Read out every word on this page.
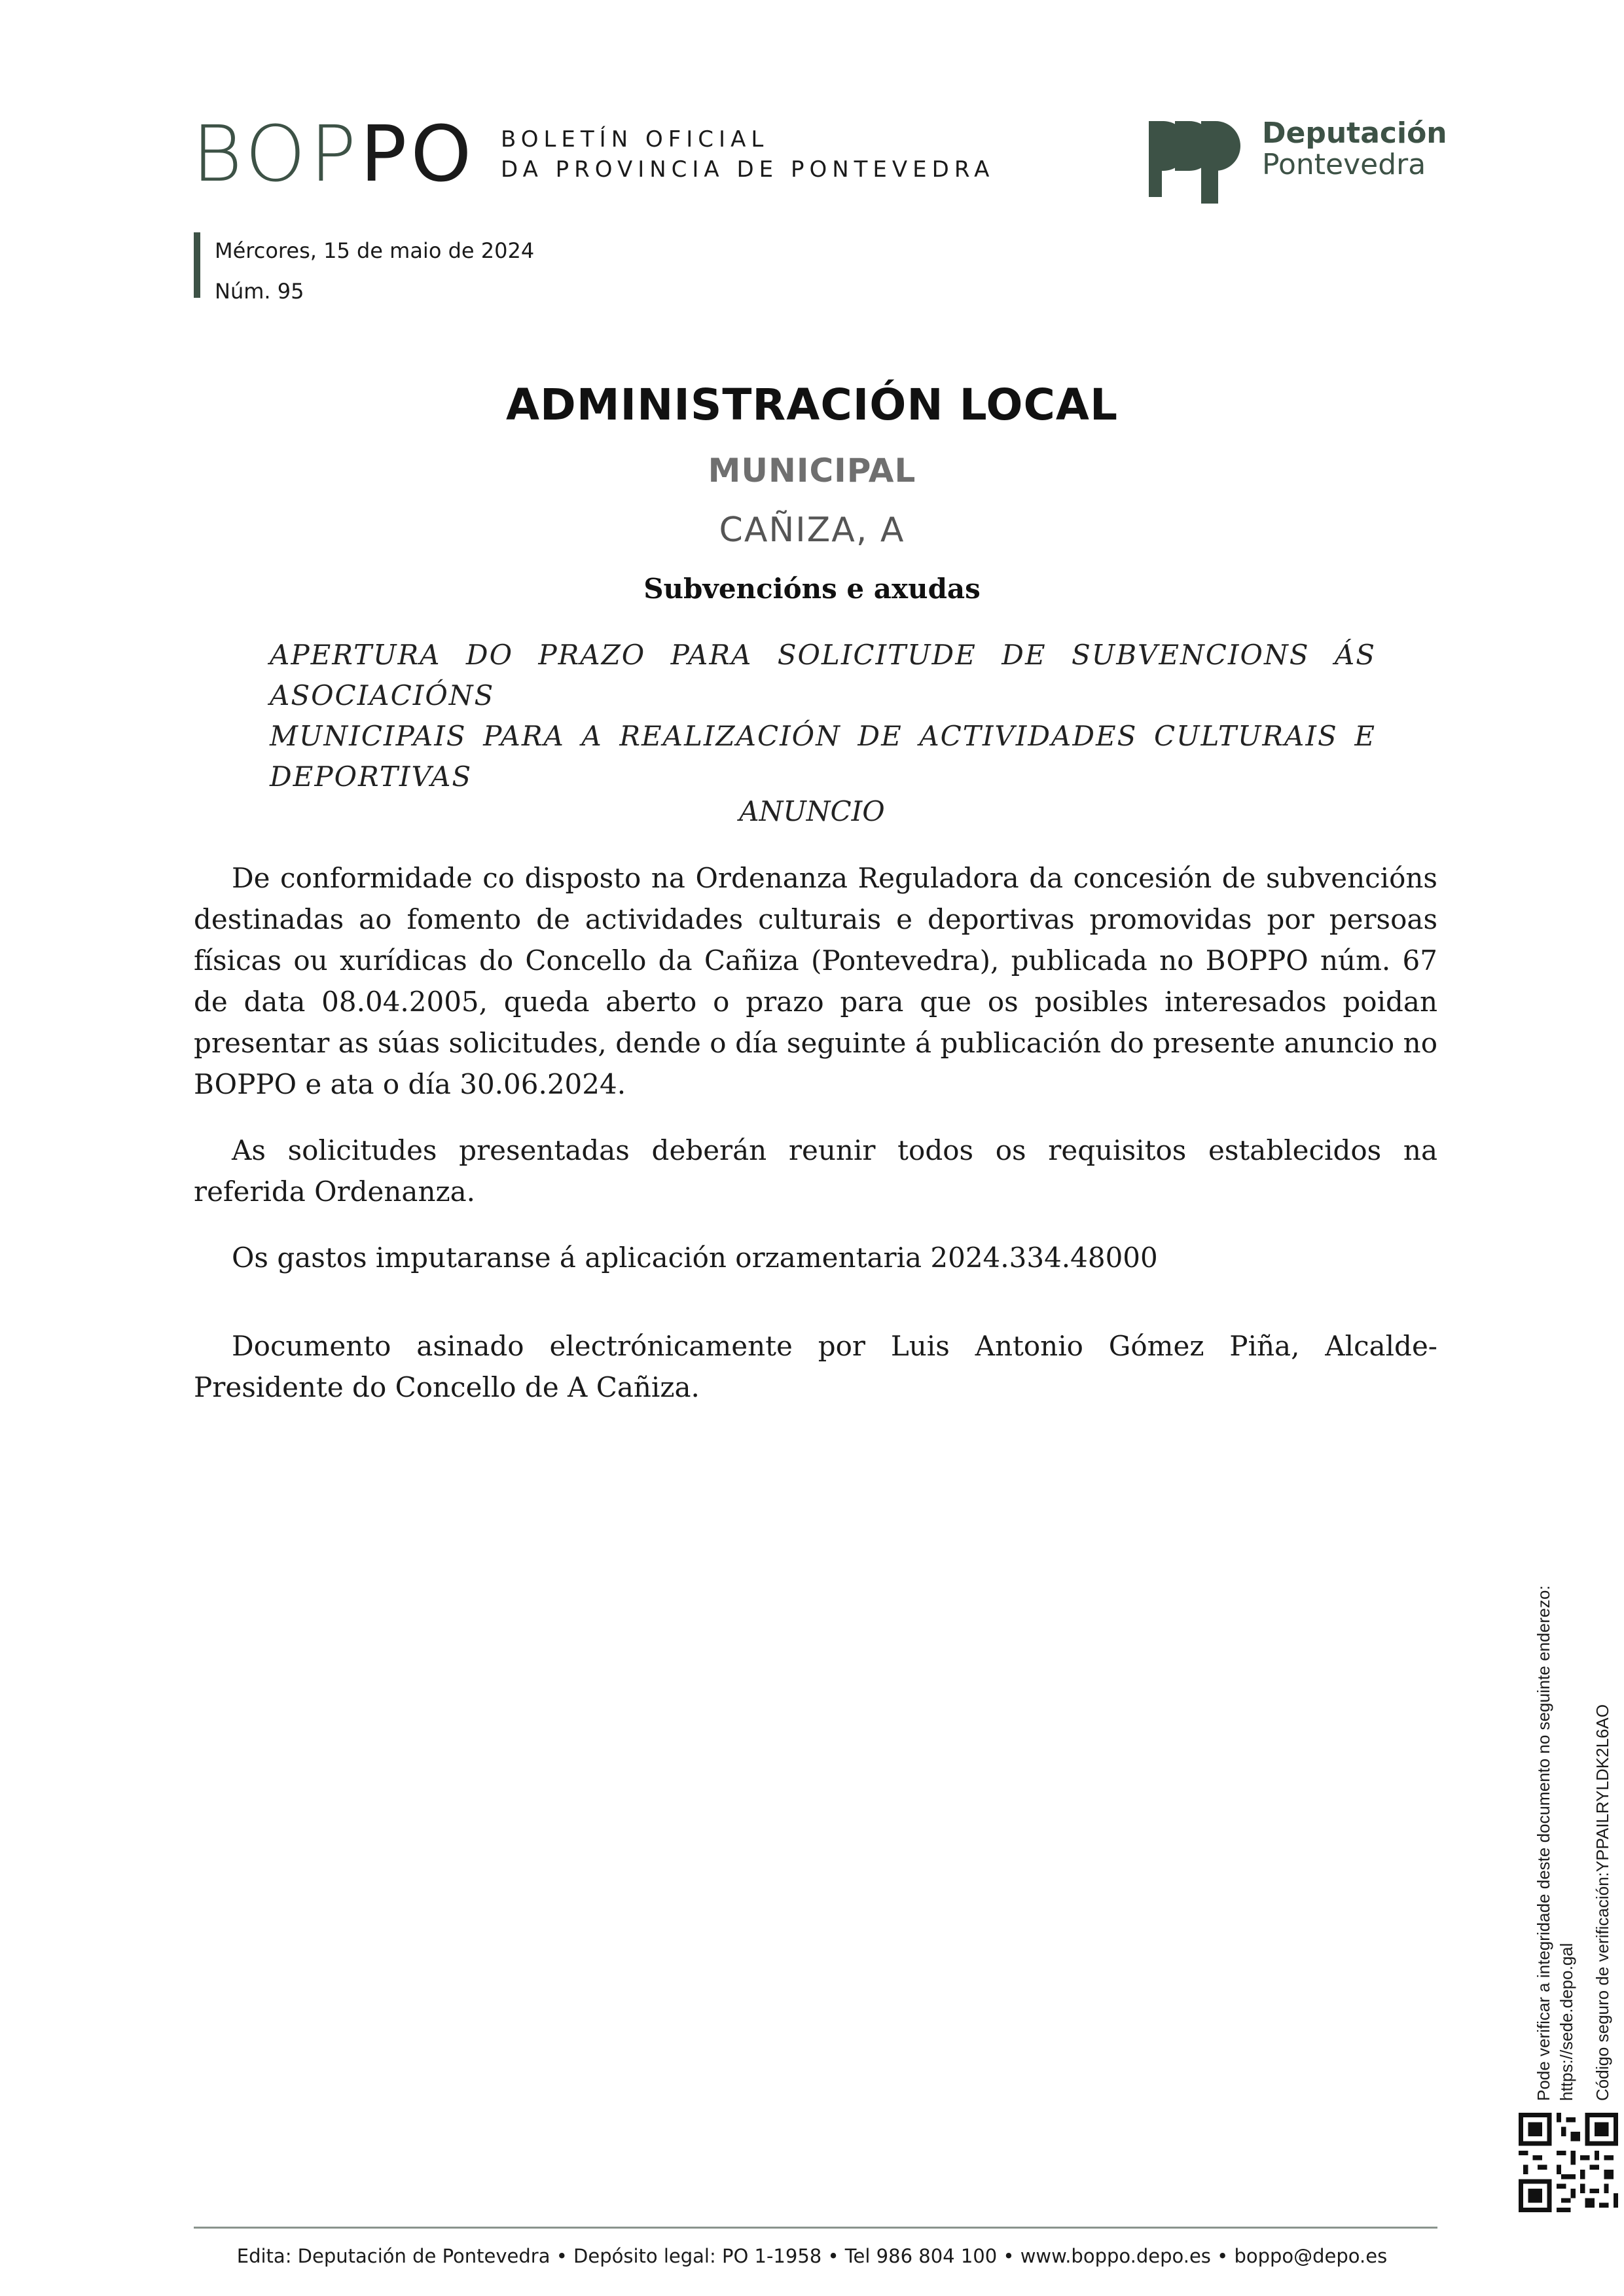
BOPPO BOLETÍN OFICIAL
DA PROVINCIA DE PONTEVEDRA
Deputación
Pontevedra
Mércores, 15 de maio de 2024
Núm. 95
ADMINISTRACIÓN LOCAL
MUNICIPAL
CAÑIZA, A
Subvencións e axudas
APERTURA DO PRAZO PARA SOLICITUDE DE SUBVENCIONS ÁS ASOCIACIÓNS
MUNICIPAIS PARA A REALIZACIÓN DE ACTIVIDADES CULTURAIS E DEPORTIVAS
ANUNCIO

De conformidade co disposto na Ordenanza Reguladora da concesión de subvencións destinadas ao fomento de actividades culturais e deportivas promovidas por persoas físicas ou xurídicas do Concello da Cañiza (Pontevedra), publicada no BOPPO núm. 67 de data 08.04.2005, queda aberto o prazo para que os posibles interesados poidan presentar as súas solicitudes, dende o día seguinte á publicación do presente anuncio no BOPPO e ata o día 30.06.2024.

As solicitudes presentadas deberán reunir todos os requisitos establecidos na referida Ordenanza.

Os gastos imputaranse á aplicación orzamentaria 2024.334.48000

Documento asinado electrónicamente por Luis Antonio Gómez Piña, Alcalde-Presidente do Concello de A Cañiza.

Pode verificar a integridade deste documento no seguinte enderezo: https://sede.depo.gal Código seguro de verificación:YPPAILRYLDK2L6AO
Edita: Deputación de Pontevedra • Depósito legal: PO 1-1958 • Tel 986 804 100 • www.boppo.depo.es • boppo@depo.es
